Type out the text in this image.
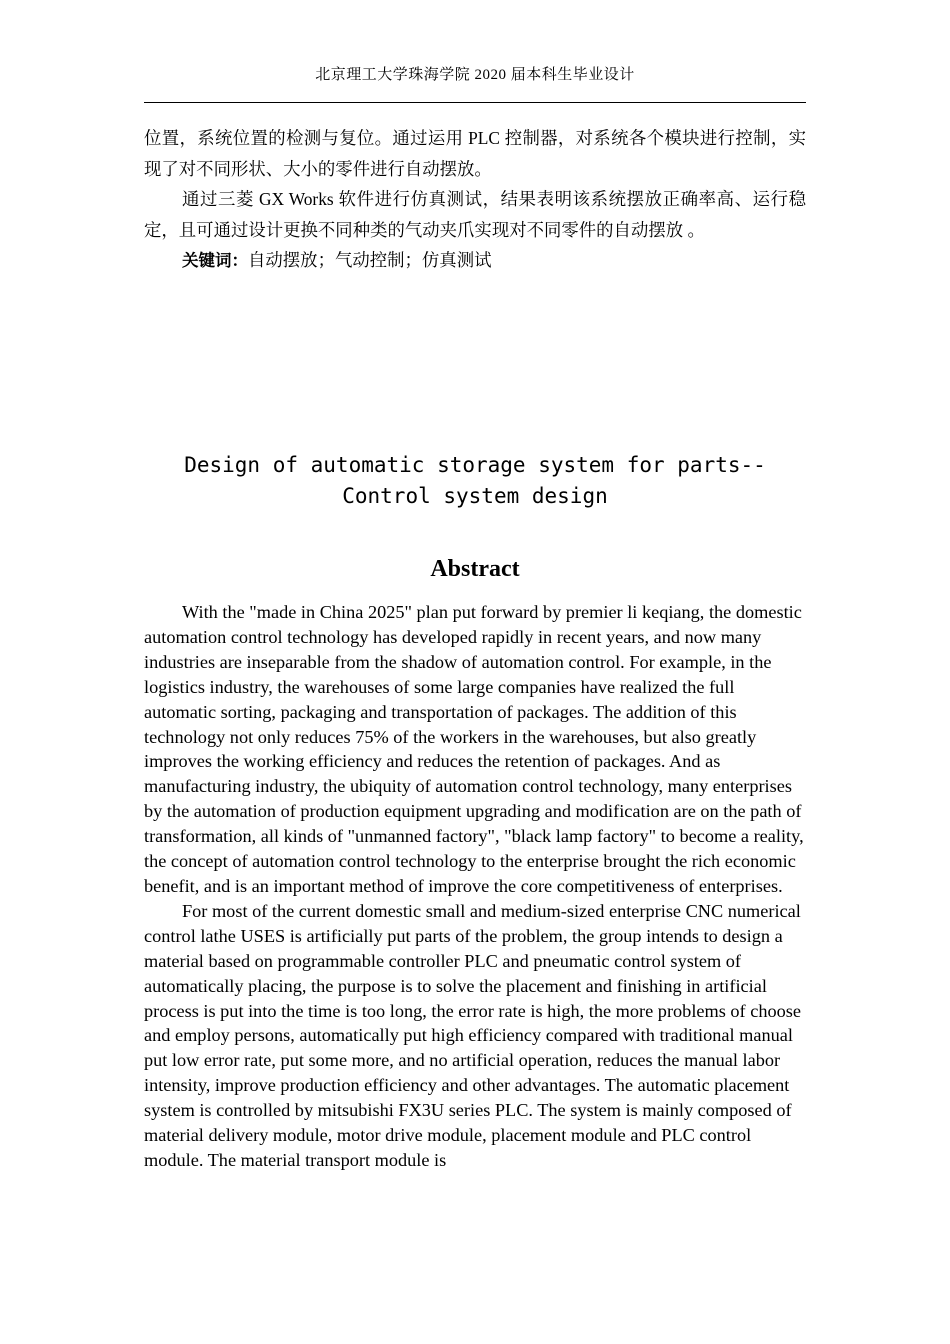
北京理工大学珠海学院 2020 届本科生毕业设计

位置，系统位置的检测与复位。通过运用 PLC 控制器，对系统各个模块进行控制，实现了对不同形状、大小的零件进行自动摆放。

通过三菱 GX Works 软件进行仿真测试，结果表明该系统摆放正确率高、运行稳定，且可通过设计更换不同种类的气动夹爪实现对不同零件的自动摆放 。

关键词：自动摆放；气动控制；仿真测试

Design of automatic storage system for parts--
Control system design
Abstract

With the "made in China 2025" plan put forward by premier li keqiang, the domestic automation control technology has developed rapidly in recent years, and now many industries are inseparable from the shadow of automation control. For example, in the logistics industry, the warehouses of some large companies have realized the full automatic sorting, packaging and transportation of packages. The addition of this technology not only reduces 75% of the workers in the warehouses, but also greatly improves the working efficiency and reduces the retention of packages. And as manufacturing industry, the ubiquity of automation control technology, many enterprises by the automation of production equipment upgrading and modification are on the path of transformation, all kinds of "unmanned factory", "black lamp factory" to become a reality, the concept of automation control technology to the enterprise brought the rich economic benefit, and is an important method of improve the core competitiveness of enterprises.

For most of the current domestic small and medium-sized enterprise CNC numerical control lathe USES is artificially put parts of the problem, the group intends to design a material based on programmable controller PLC and pneumatic control system of automatically placing, the purpose is to solve the placement and finishing in artificial process is put into the time is too long, the error rate is high, the more problems of choose and employ persons, automatically put high efficiency compared with traditional manual put low error rate, put some more, and no artificial operation, reduces the manual labor intensity, improve production efficiency and other advantages. The automatic placement system is controlled by mitsubishi FX3U series PLC. The system is mainly composed of material delivery module, motor drive module, placement module and PLC control module. The material transport module is
